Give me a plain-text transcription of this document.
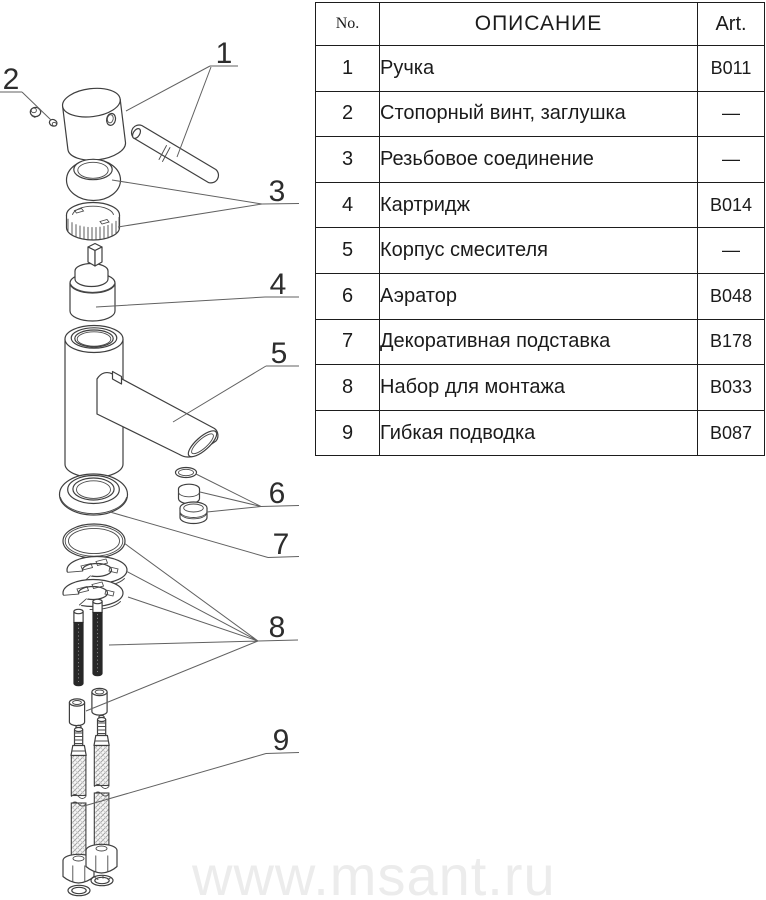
1
2
3
4
5
6
7
8
9
No.	ОПИСАНИЕ	Art.
1	Ручка	B011
2	Стопорный винт, заглушка	—
3	Резьбовое соединение	—
4	Картридж	B014
5	Корпус смесителя	—
6	Аэратор	B048
7	Декоративная подставка	B178
8	Набор для монтажа	B033
9	Гибкая подводка	B087
www.msant.ru
